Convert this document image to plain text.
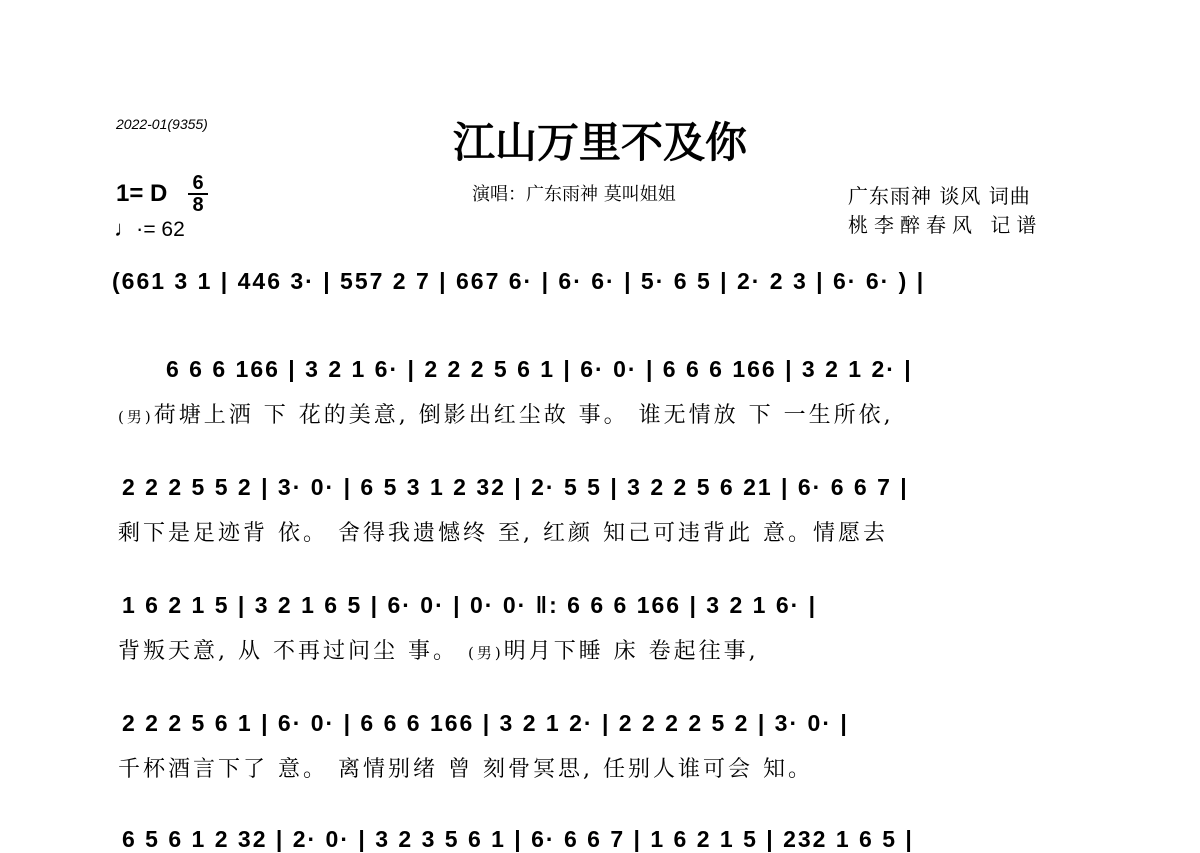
2022-01(9355)	江山万里不及你
演唱：广东雨神 莫叫姐姐	广东雨神 谈风 词曲
桃李醉春风 记谱
1= D 6
8
♩·= 62
(661 3 1 | 446 3· | 557 2 7 | 667 6· | 6· 6· | 5· 6 5 | 2· 2 3 | 6· 6· ) |
6 6 6 166 | 3 2 1 6· | 2 2 2 5 6 1 | 6· 0· | 6 6 6 166 | 3 2 1 2· |
(男)荷塘上洒 下 花的美意, 倒影出红尘故 事。 谁无情放 下 一生所依,
2 2 2 5 5 2 | 3· 0· | 6 5 3 1 2 32 | 2· 5 5 | 3 2 2 5 6 21 | 6· 6 6 7 |
剩下是足迹背 依。 舍得我遗憾终 至, 红颜 知己可违背此 意。情愿去
1 6 2 1 5 | 3 2 1 6 5 | 6· 0· | 0· 0· ‖: 6 6 6 166 | 3 2 1 6· |
背叛天意, 从 不再过问尘 事。 (男)明月下睡 床 卷起往事,
2 2 2 5 6 1 | 6· 0· | 6 6 6 166 | 3 2 1 2· | 2 2 2 2 5 2 | 3· 0· |
千杯酒言下了 意。 离情别绪 曾 刻骨冥思, 任别人谁可会 知。
6 5 6 1 2 32 | 2· 0· | 3 2 3 5 6 1 | 6· 6 6 7 | 1 6 2 1 5 | 232 1 6 5 |
